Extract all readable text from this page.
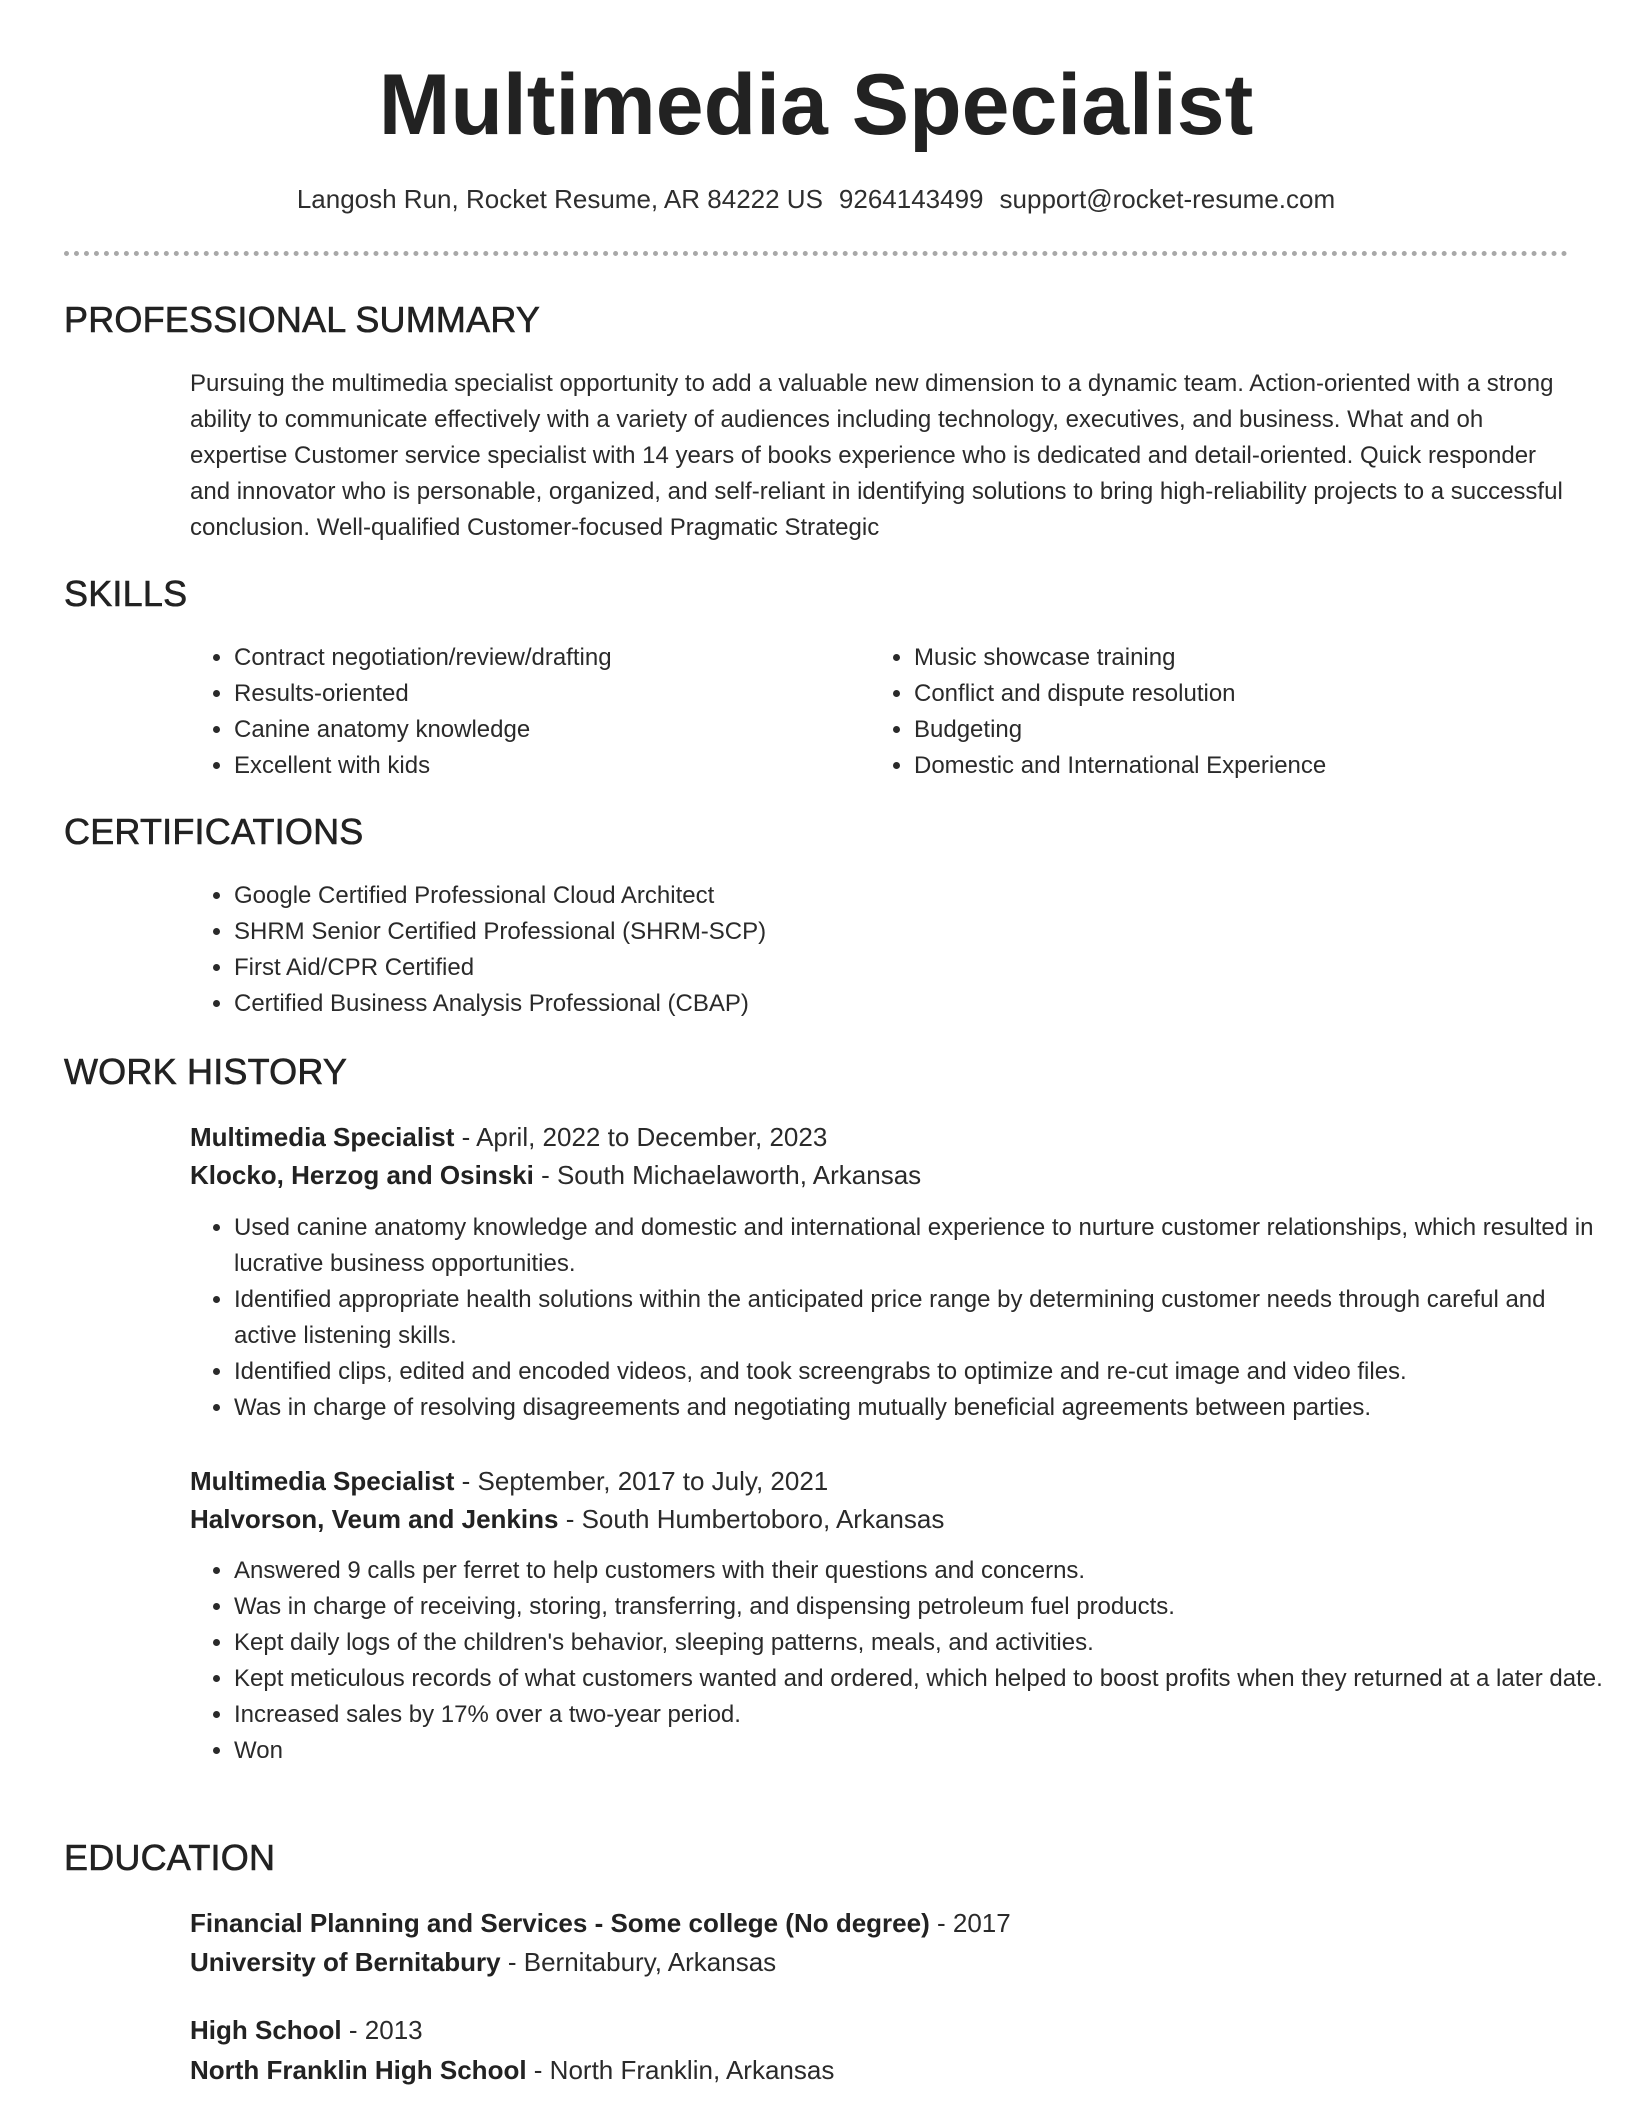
Multimedia Specialist
Langosh Run, Rocket Resume, AR 84222 US 9264143499 support@rocket-resume.com
PROFESSIONAL SUMMARY

Pursuing the multimedia specialist opportunity to add a valuable new dimension to a dynamic team. Action-oriented with a strong ability to communicate effectively with a variety of audiences including technology, executives, and business. What and oh expertise Customer service specialist with 14 years of books experience who is dedicated and detail-oriented. Quick responder and innovator who is personable, organized, and self-reliant in identifying solutions to bring high-reliability projects to a successful conclusion. Well-qualified Customer-focused Pragmatic Strategic

SKILLS
• Contract negotiation/review/drafting
• Results-oriented
• Canine anatomy knowledge
• Excellent with kids
• Music showcase training
• Conflict and dispute resolution
• Budgeting
• Domestic and International Experience
CERTIFICATIONS
• Google Certified Professional Cloud Architect
• SHRM Senior Certified Professional (SHRM-SCP)
• First Aid/CPR Certified
• Certified Business Analysis Professional (CBAP)
WORK HISTORY
Multimedia Specialist - April, 2022 to December, 2023
Klocko, Herzog and Osinski - South Michaelaworth, Arkansas
• Used canine anatomy knowledge and domestic and international experience to nurture customer relationships, which resulted in lucrative business opportunities.
• Identified appropriate health solutions within the anticipated price range by determining customer needs through careful and active listening skills.
• Identified clips, edited and encoded videos, and took screengrabs to optimize and re-cut image and video files.
• Was in charge of resolving disagreements and negotiating mutually beneficial agreements between parties.
Multimedia Specialist - September, 2017 to July, 2021
Halvorson, Veum and Jenkins - South Humbertoboro, Arkansas
• Answered 9 calls per ferret to help customers with their questions and concerns.
• Was in charge of receiving, storing, transferring, and dispensing petroleum fuel products.
• Kept daily logs of the children's behavior, sleeping patterns, meals, and activities.
• Kept meticulous records of what customers wanted and ordered, which helped to boost profits when they returned at a later date.
• Increased sales by 17% over a two-year period.
• Won
EDUCATION
Financial Planning and Services - Some college (No degree) - 2017
University of Bernitabury - Bernitabury, Arkansas
High School - 2013
North Franklin High School - North Franklin, Arkansas
